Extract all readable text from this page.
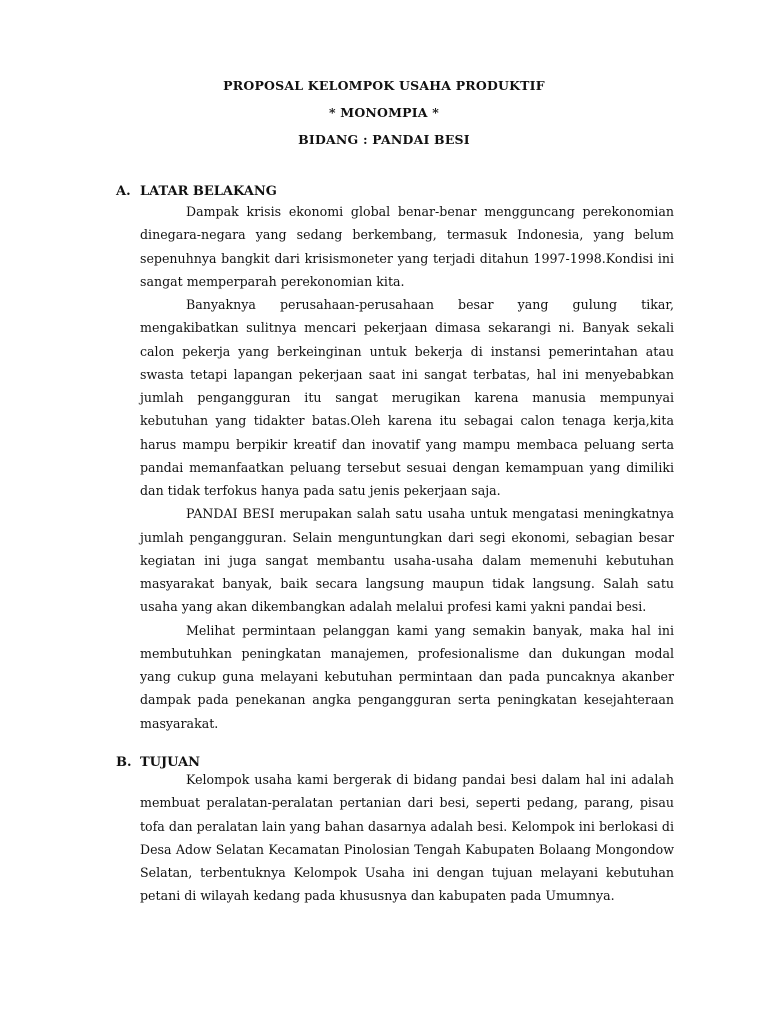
PROPOSAL KELOMPOK USAHA PRODUKTIF
* MONOMPIA *
BIDANG : PANDAI BESI
A. LATAR BELAKANG

Dampak krisis ekonomi global benar-benar mengguncang perekonomian dinegara-negara yang sedang berkembang, termasuk Indonesia, yang belum sepenuhnya bangkit dari krisismoneter yang terjadi ditahun 1997-1998.Kondisi ini sangat memperparah perekonomian kita.

Banyaknya perusahaan-perusahaan besar yang gulung tikar, mengakibatkan sulitnya mencari pekerjaan dimasa sekarangi ni. Banyak sekali calon pekerja yang berkeinginan untuk bekerja di instansi pemerintahan atau swasta tetapi lapangan pekerjaan saat ini sangat terbatas, hal ini menyebabkan jumlah pengangguran itu sangat merugikan karena manusia mempunyai kebutuhan yang tidakter batas.Oleh karena itu sebagai calon tenaga kerja,kita harus mampu berpikir kreatif dan inovatif yang mampu membaca peluang serta pandai memanfaatkan peluang tersebut sesuai dengan kemampuan yang dimiliki dan tidak terfokus hanya pada satu jenis pekerjaan saja.

PANDAI BESI merupakan salah satu usaha untuk mengatasi meningkatnya jumlah pengangguran. Selain menguntungkan dari segi ekonomi, sebagian besar kegiatan ini juga sangat membantu usaha-usaha dalam memenuhi kebutuhan masyarakat banyak, baik secara langsung maupun tidak langsung. Salah satu usaha yang akan dikembangkan adalah melalui profesi kami yakni pandai besi.

Melihat permintaan pelanggan kami yang semakin banyak, maka hal ini membutuhkan peningkatan manajemen, profesionalisme dan dukungan modal yang cukup guna melayani kebutuhan permintaan dan pada puncaknya akanber dampak pada penekanan angka pengangguran serta peningkatan kesejahteraan masyarakat.

B. TUJUAN

Kelompok usaha kami bergerak di bidang pandai besi dalam hal ini adalah membuat peralatan-peralatan pertanian dari besi, seperti pedang, parang, pisau tofa dan peralatan lain yang bahan dasarnya adalah besi. Kelompok ini berlokasi di Desa Adow Selatan Kecamatan Pinolosian Tengah Kabupaten Bolaang Mongondow Selatan, terbentuknya Kelompok Usaha ini dengan tujuan melayani kebutuhan petani di wilayah kedang pada khususnya dan kabupaten pada Umumnya.
